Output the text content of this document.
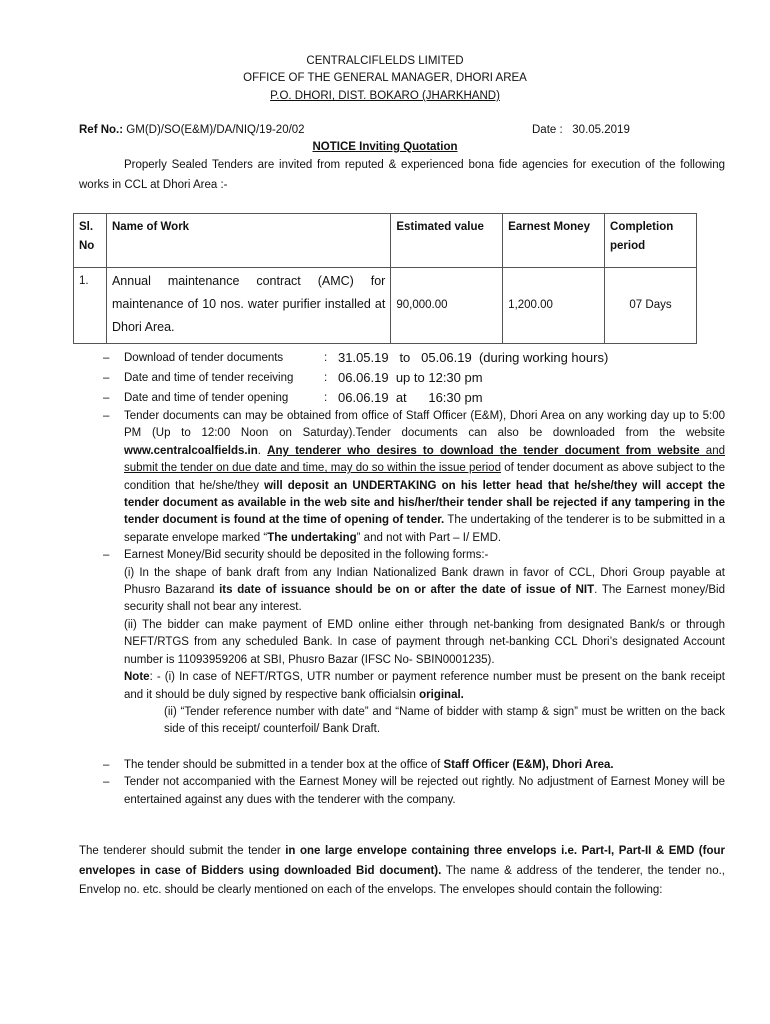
CENTRALCIFLELDS LIMITED
OFFICE OF THE GENERAL MANAGER, DHORI AREA
P.O. DHORI, DIST. BOKARO (JHARKHAND)
Ref No.: GM(D)/SO(E&M)/DA/NIQ/19-20/02	Date : 30.05.2019
NOTICE Inviting Quotation
Properly Sealed Tenders are invited from reputed & experienced bona fide agencies for execution of the following works in CCL at Dhori Area :-
Sl. No	Name of Work	Estimated value	Earnest Money	Completion period
1.	Annual maintenance contract (AMC) for maintenance of 10 nos. water purifier installed at Dhori Area.	90,000.00	1,200.00	07 Days
– Download of tender documents	: 31.05.19   to   05.06.19  (during working hours)
– Date and time of tender receiving	: 06.06.19  up to 12:30 pm
– Date and time of tender opening	: 06.06.19  at      16:30 pm
– Tender documents can may be obtained from office of Staff Officer (E&M), Dhori Area on any working day up to 5:00 PM (Up to 12:00 Noon on Saturday).Tender documents can also be downloaded from the website www.centralcoalfields.in. Any tenderer who desires to download the tender document from website and submit the tender on due date and time, may do so within the issue period of tender document as above subject to the condition that he/she/they will deposit an UNDERTAKING on his letter head that he/she/they will accept the tender document as available in the web site and his/her/their tender shall be rejected if any tampering in the tender document is found at the time of opening of tender. The undertaking of the tenderer is to be submitted in a separate envelope marked “The undertaking” and not with Part – I/ EMD.
– Earnest Money/Bid security should be deposited in the following forms:-
(i) In the shape of bank draft from any Indian Nationalized Bank drawn in favor of CCL, Dhori Group payable at Phusro Bazarand its date of issuance should be on or after the date of issue of NIT. The Earnest money/Bid security shall not bear any interest.
(ii) The bidder can make payment of EMD online either through net-banking from designated Bank/s or through NEFT/RTGS from any scheduled Bank. In case of payment through net-banking CCL Dhori’s designated Account number is 11093959206 at SBI, Phusro Bazar (IFSC No- SBIN0001235).
Note: - (i) In case of NEFT/RTGS, UTR number or payment reference number must be present on the bank receipt and it should be duly signed by respective bank officialsin original.
(ii) “Tender reference number with date” and “Name of bidder with stamp & sign” must be written on the back side of this receipt/ counterfoil/ Bank Draft.
– The tender should be submitted in a tender box at the office of Staff Officer (E&M), Dhori Area.
– Tender not accompanied with the Earnest Money will be rejected out rightly. No adjustment of Earnest Money will be entertained against any dues with the tenderer with the company.
The tenderer should submit the tender in one large envelope containing three envelops i.e. Part-I, Part-II & EMD (four envelopes in case of Bidders using downloaded Bid document). The name & address of the tenderer, the tender no., Envelop no. etc. should be clearly mentioned on each of the envelops. The envelopes should contain the following:
